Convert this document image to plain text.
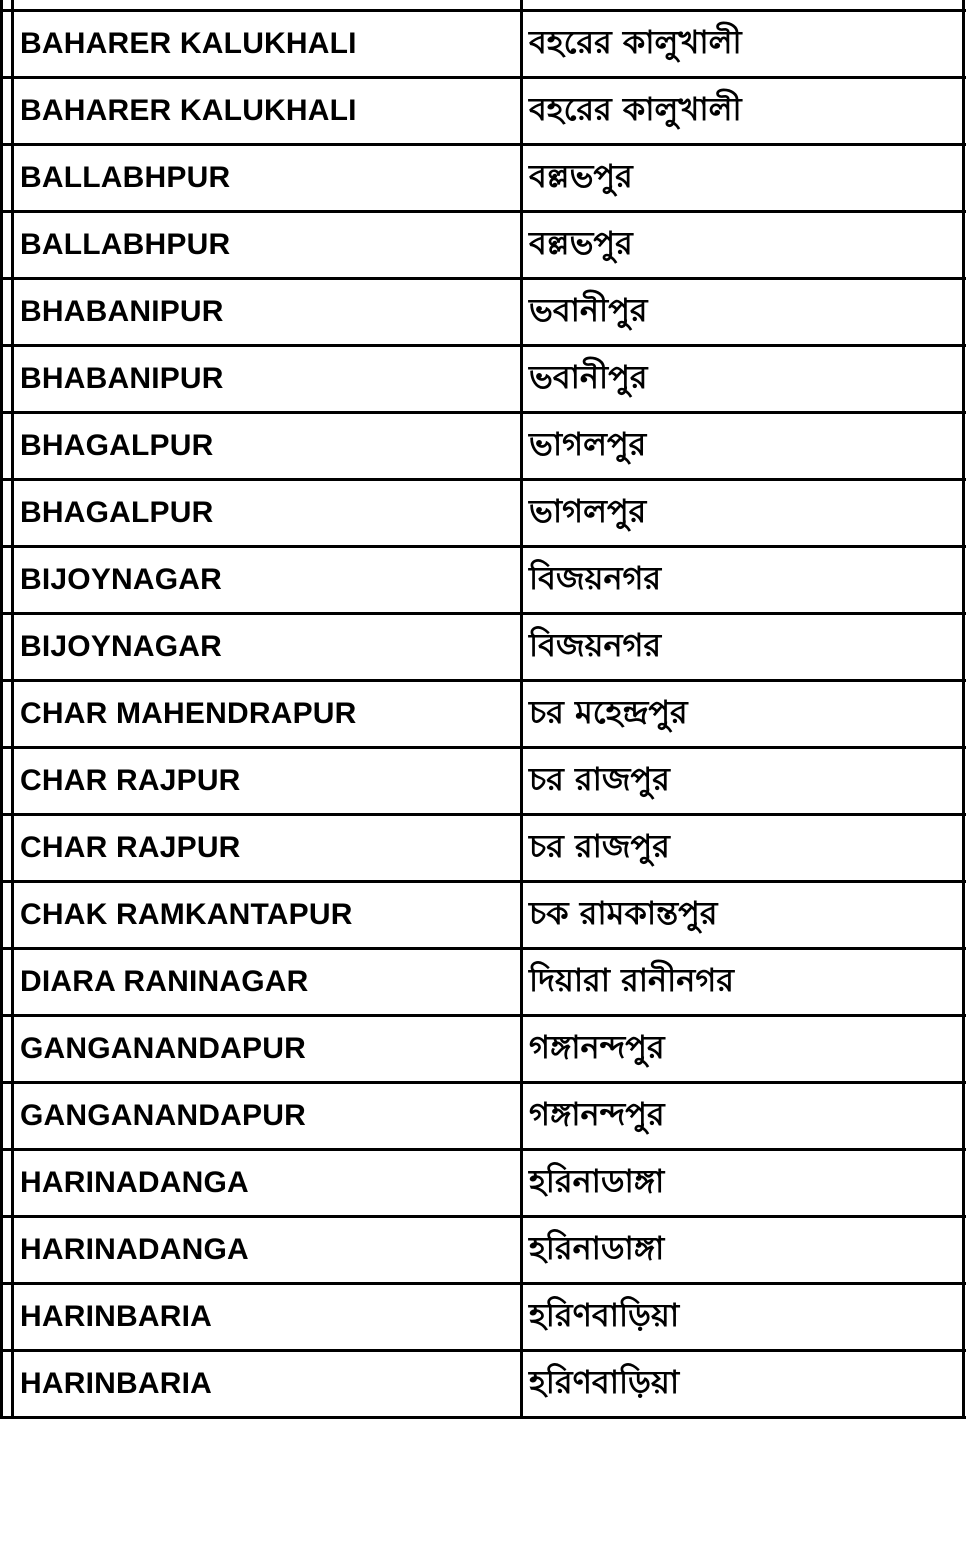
	BAHARER KALUKHALI	বহরের কালুখালী	
	BAHARER KALUKHALI	বহরের কালুখালী	
	BALLABHPUR	বল্লভপুর	
	BALLABHPUR	বল্লভপুর	
	BHABANIPUR	ভবানীপুর	
	BHABANIPUR	ভবানীপুর	
	BHAGALPUR	ভাগলপুর	
	BHAGALPUR	ভাগলপুর	
	BIJOYNAGAR	বিজয়নগর	
	BIJOYNAGAR	বিজয়নগর	
	CHAR MAHENDRAPUR	চর মহেন্দ্রপুর	
	CHAR RAJPUR	চর রাজপুর	
	CHAR RAJPUR	চর রাজপুর	
	CHAK RAMKANTAPUR	চক রামকান্তপুর	
	DIARA RANINAGAR	দিয়ারা রানীনগর	
	GANGANANDAPUR	গঙ্গানন্দপুর	
	GANGANANDAPUR	গঙ্গানন্দপুর	
	HARINADANGA	হরিনাডাঙ্গা	
	HARINADANGA	হরিনাডাঙ্গা	
	HARINBARIA	হরিণবাড়িয়া	
	HARINBARIA	হরিণবাড়িয়া	
